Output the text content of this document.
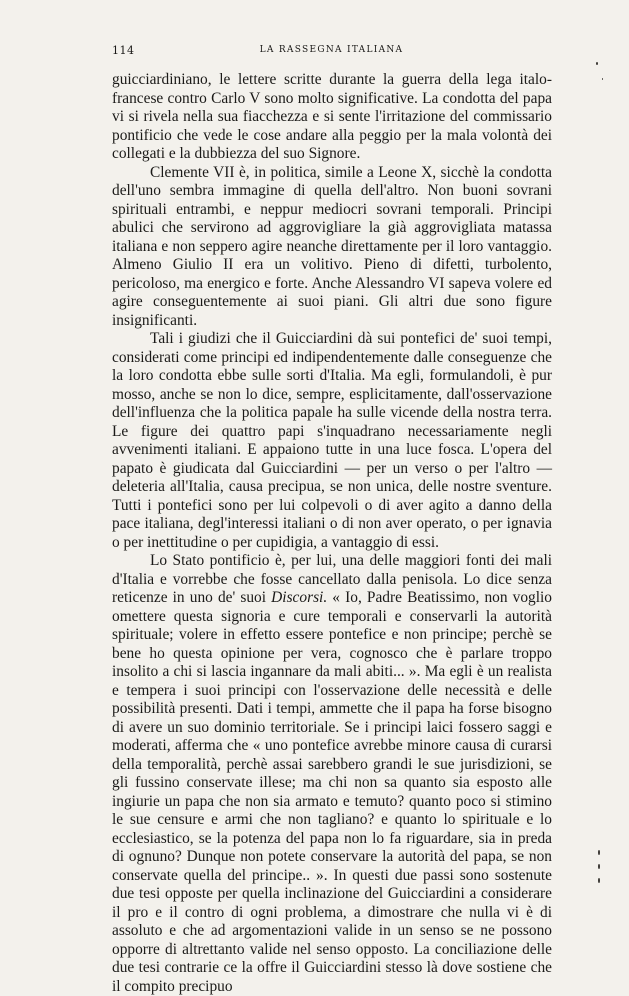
114	LA RASSEGNA ITALIANA

guicciardiniano, le lettere scritte durante la guerra della lega italo-francese contro Carlo V sono molto significative. La condotta del papa vi si rivela nella sua fiacchezza e si sente l'irritazione del commissario pontificio che vede le cose andare alla peggio per la mala volontà dei collegati e la dubbiezza del suo Signore.

Clemente VII è, in politica, simile a Leone X, sicchè la condotta dell'uno sembra immagine di quella dell'altro. Non buoni sovrani spirituali entrambi, e neppur mediocri sovrani temporali. Principi abulici che servirono ad aggrovigliare la già aggrovigliata matassa italiana e non seppero agire neanche direttamente per il loro vantaggio. Almeno Giulio II era un volitivo. Pieno di difetti, turbolento, pericoloso, ma energico e forte. Anche Alessandro VI sapeva volere ed agire conseguentemente ai suoi piani. Gli altri due sono figure insignificanti.

Tali i giudizi che il Guicciardini dà sui pontefici de' suoi tempi, considerati come principi ed indipendentemente dalle conseguenze che la loro condotta ebbe sulle sorti d'Italia. Ma egli, formulandoli, è pur mosso, anche se non lo dice, sempre, esplicitamente, dall'osservazione dell'influenza che la politica papale ha sulle vicende della nostra terra. Le figure dei quattro papi s'inquadrano necessariamente negli avvenimenti italiani. E appaiono tutte in una luce fosca. L'opera del papato è giudicata dal Guicciardini — per un verso o per l'altro — deleteria all'Italia, causa precipua, se non unica, delle nostre sventure. Tutti i pontefici sono per lui colpevoli o di aver agito a danno della pace italiana, degl'interessi italiani o di non aver operato, o per ignavia o per inettitudine o per cupidigia, a vantaggio di essi.

Lo Stato pontificio è, per lui, una delle maggiori fonti dei mali d'Italia e vorrebbe che fosse cancellato dalla penisola. Lo dice senza reticenze in uno de' suoi Discorsi. « Io, Padre Beatissimo, non voglio omettere questa signoria e cure temporali e conservarli la autorità spirituale; volere in effetto essere pontefice e non principe; perchè se bene ho questa opinione per vera, cognosco che è parlare troppo insolito a chi si lascia ingannare da mali abiti... ». Ma egli è un realista e tempera i suoi principi con l'osservazione delle necessità e delle possibilità presenti. Dati i tempi, ammette che il papa ha forse bisogno di avere un suo dominio territoriale. Se i principi laici fossero saggi e moderati, afferma che « uno pontefice avrebbe minore causa di curarsi della temporalità, perchè assai sarebbero grandi le sue jurisdizioni, se gli fussino conservate illese; ma chi non sa quanto sia esposto alle ingiurie un papa che non sia armato e temuto? quanto poco si stimino le sue censure e armi che non tagliano? e quanto lo spirituale e lo ecclesiastico, se la potenza del papa non lo fa riguardare, sia in preda di ognuno? Dunque non potete conservare la autorità del papa, se non conservate quella del principe.. ». In questi due passi sono sostenute due tesi opposte per quella inclinazione del Guicciardini a considerare il pro e il contro di ogni problema, a dimostrare che nulla vi è di assoluto e che ad argomentazioni valide in un senso se ne possono opporre di altrettanto valide nel senso opposto. La conciliazione delle due tesi contrarie ce la offre il Guicciardini stesso là dove sostiene che il compito precipuo
